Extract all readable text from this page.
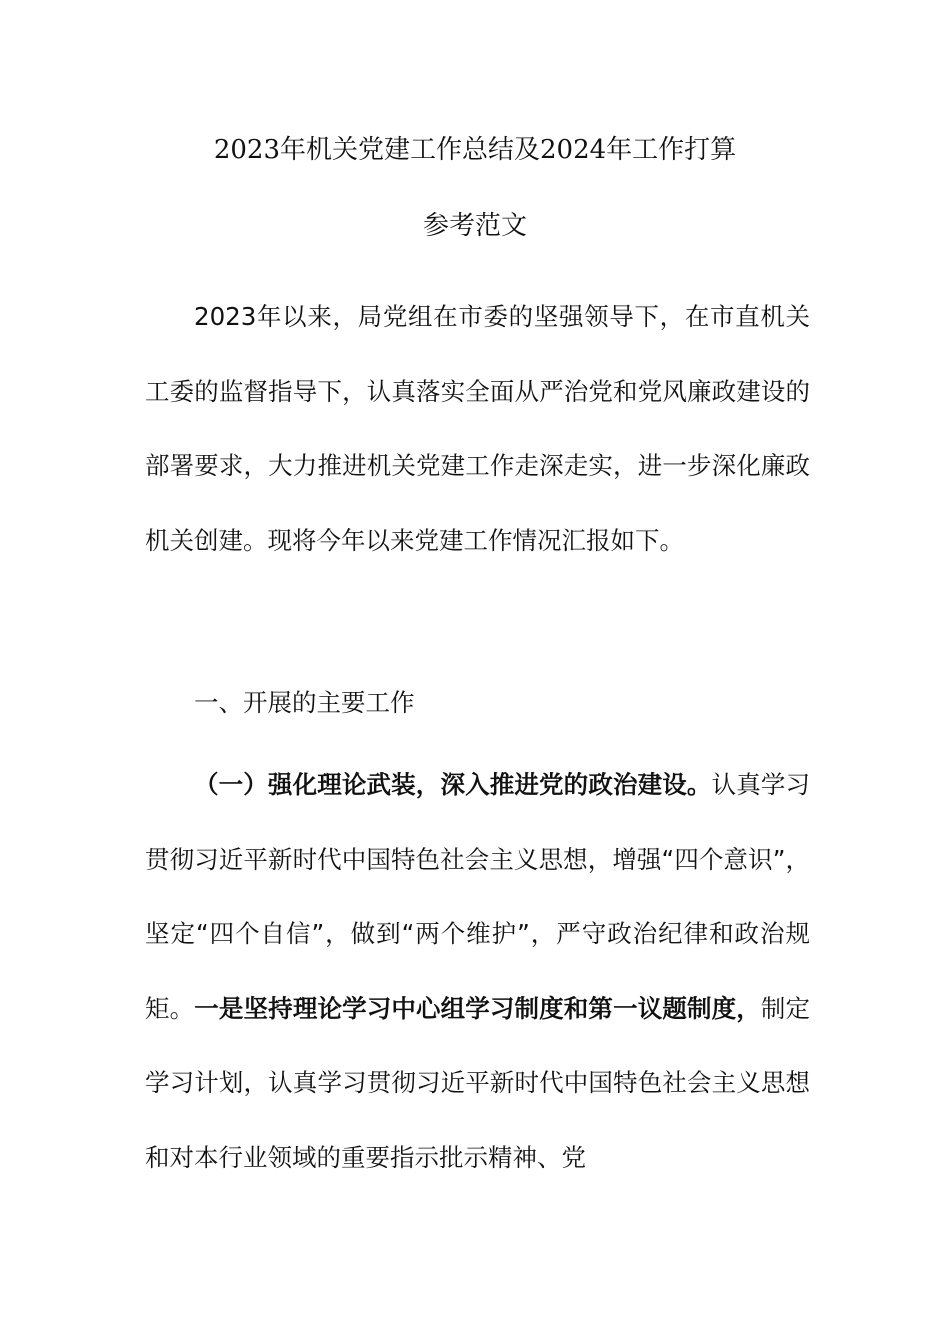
2023年机关党建工作总结及2024年工作打算
参考范文

2023年以来，局党组在市委的坚强领导下，在市直机关工委的监督指导下，认真落实全面从严治党和党风廉政建设的部署要求，大力推进机关党建工作走深走实，进一步深化廉政机关创建。现将今年以来党建工作情况汇报如下。

一、开展的主要工作

（一）强化理论武装，深入推进党的政治建设。认真学习贯彻习近平新时代中国特色社会主义思想，增强“四个意识”，坚定“四个自信”，做到“两个维护”，严守政治纪律和政治规矩。一是坚持理论学习中心组学习制度和第一议题制度，制定学习计划，认真学习贯彻习近平新时代中国特色社会主义思想和对本行业领域的重要指示批示精神、党
